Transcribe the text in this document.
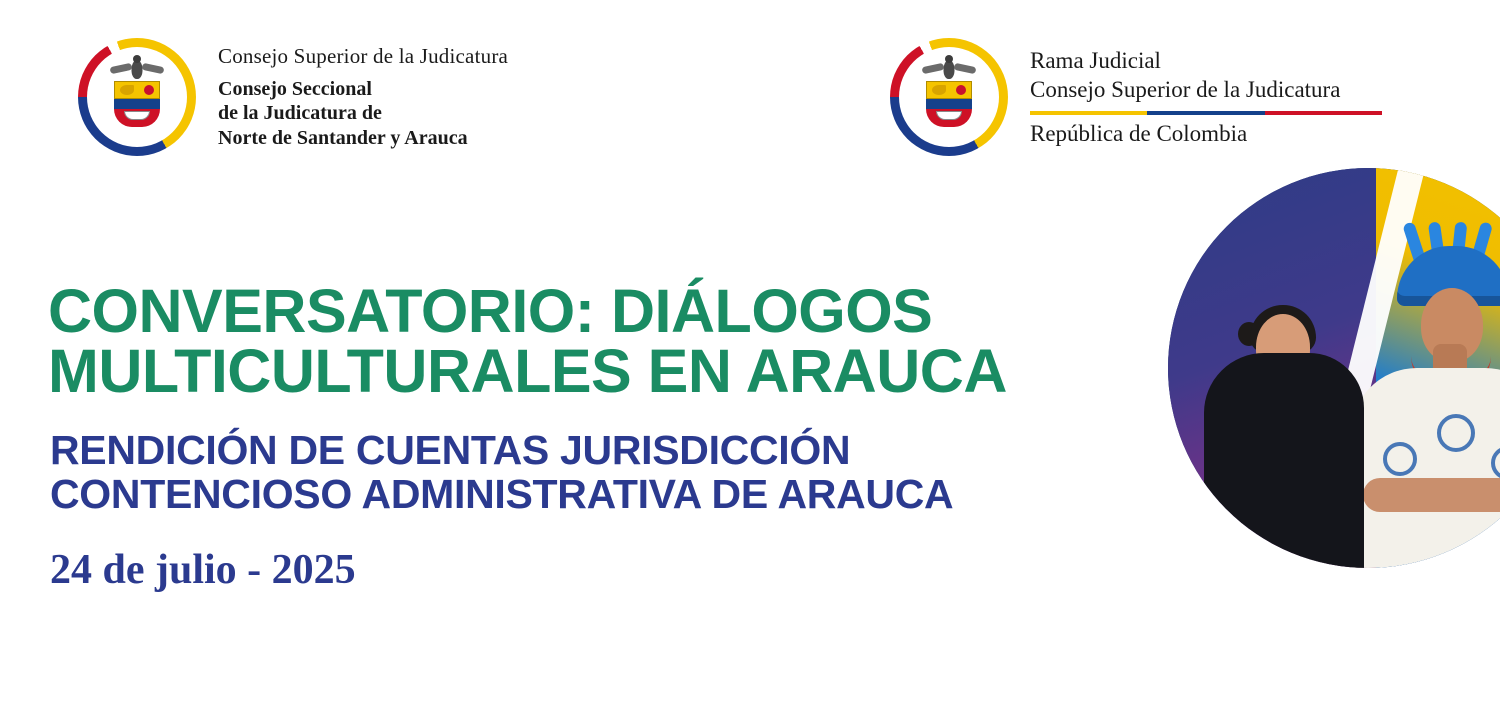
Consejo Superior de la Judicatura
Consejo Seccional
de la Judicatura de
Norte de Santander y Arauca
Rama Judicial
Consejo Superior de la Judicatura
República de Colombia
CONVERSATORIO: DIÁLOGOS
MULTICULTURALES EN ARAUCA
RENDICIÓN DE CUENTAS JURISDICCIÓN
CONTENCIOSO ADMINISTRATIVA DE ARAUCA
24 de julio - 2025
